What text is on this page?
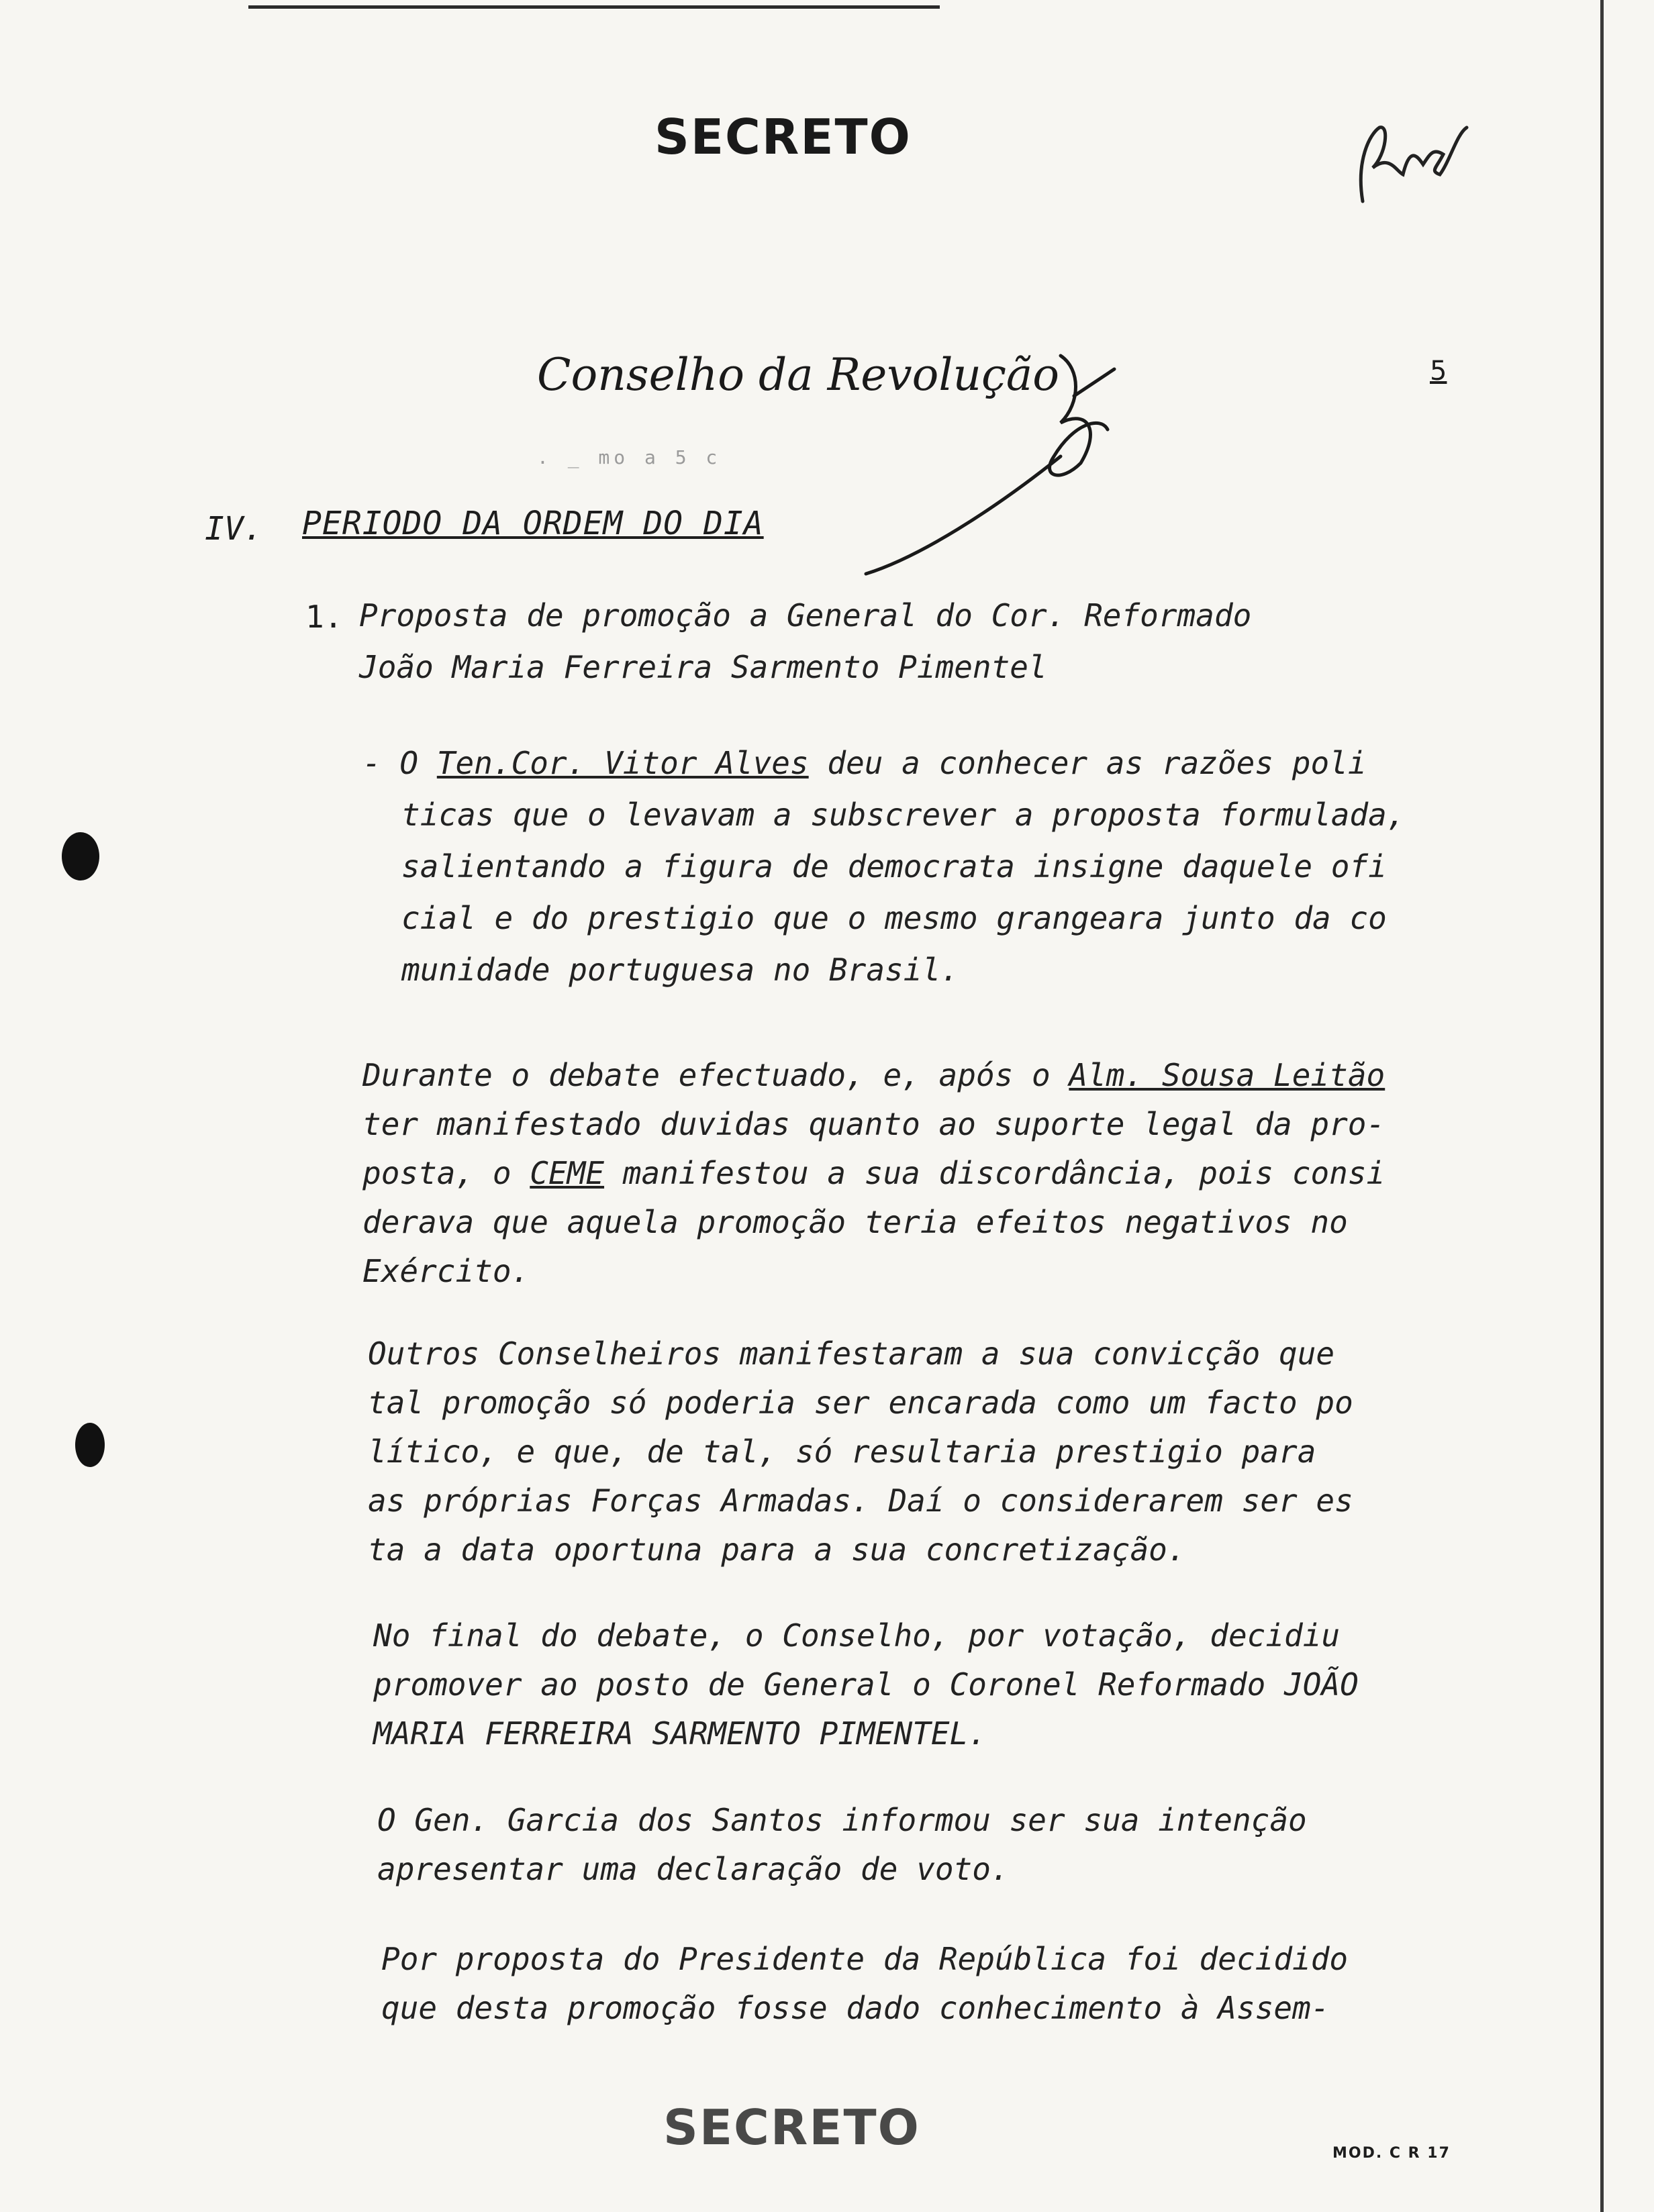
SECRETO
Conselho da Revolução	5
. _ mo a 5 c
IV. PERIODO DA ORDEM DO DIA
1. Proposta de promoção a General do Cor. Reformado
João Maria Ferreira Sarmento Pimentel
- O Ten.Cor. Vitor Alves deu a conhecer as razões poli
ticas que o levavam a subscrever a proposta formulada,
salientando a figura de democrata insigne daquele ofi
cial e do prestigio que o mesmo grangeara junto da co
munidade portuguesa no Brasil.
Durante o debate efectuado, e, após o Alm. Sousa Leitão
ter manifestado duvidas quanto ao suporte legal da pro-
posta, o CEME manifestou a sua discordância, pois consi
derava que aquela promoção teria efeitos negativos no
Exército.
Outros Conselheiros manifestaram a sua convicção que
tal promoção só poderia ser encarada como um facto po
lítico, e que, de tal, só resultaria prestigio para
as próprias Forças Armadas. Daí o considerarem ser es
ta a data oportuna para a sua concretização.
No final do debate, o Conselho, por votação, decidiu
promover ao posto de General o Coronel Reformado JOÃO
MARIA FERREIRA SARMENTO PIMENTEL.
O Gen. Garcia dos Santos informou ser sua intenção
apresentar uma declaração de voto.
Por proposta do Presidente da República foi decidido
que desta promoção fosse dado conhecimento à Assem-
SECRETO	MOD. C R 17
